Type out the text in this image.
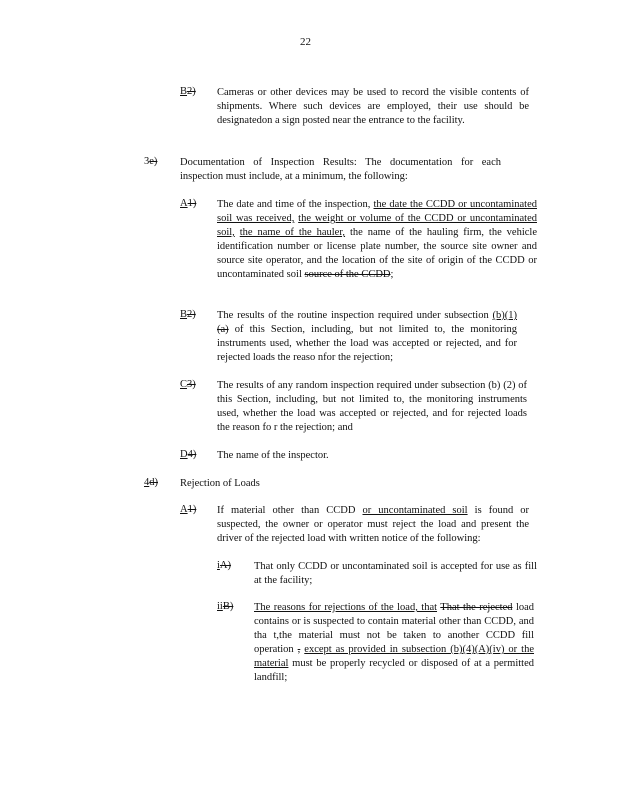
22
B2) Cameras or other devices may be used to record the visible contents of shipments. Where such devices are employed, their use should be designatedon a sign posted near the entrance to the facility.
3e) Documentation of Inspection Results: The documentation for each inspection must include, at a minimum, the following:
A1) The date and time of the inspection, the date the CCDD or uncontaminated soil was received, the weight or volume of the CCDD or uncontaminated soil, the name of the hauler, the name of the hauling firm, the vehicle identification number or license plate number, the source site owner and source site operator, and the location of the site of origin of the CCDD or uncontaminated soil source of the CCDD;
B2) The results of the routine inspection required under subsection (b)(1) (a) of this Section, including, but not limited to, the monitoring instruments used, whether the load was accepted or rejected, and for rejected loads the reaso nfor the rejection;
C3) The results of any random inspection required under subsection (b) (2) of this Section, including, but not limited to, the monitoring instruments used, whether the load was accepted or rejected, and for rejected loads the reason fo r the rejection; and
D4) The name of the inspector.
4d) Rejection of Loads
A1) If material other than CCDD or uncontaminated soil is found or suspected, the owner or operator must reject the load and present the driver of the rejected load with written notice of the following:
iA) That only CCDD or uncontaminated soil is accepted for use as fill at the facility;
iiB) The reasons for rejections of the load, that That the rejected load contains or is suspected to contain material other than CCDD, and tha t,the material must not be taken to another CCDD fill operation , except as provided in subsection (b)(4)(A)(iv) or the material must be properly recycled or disposed of at a permitted landfill;
